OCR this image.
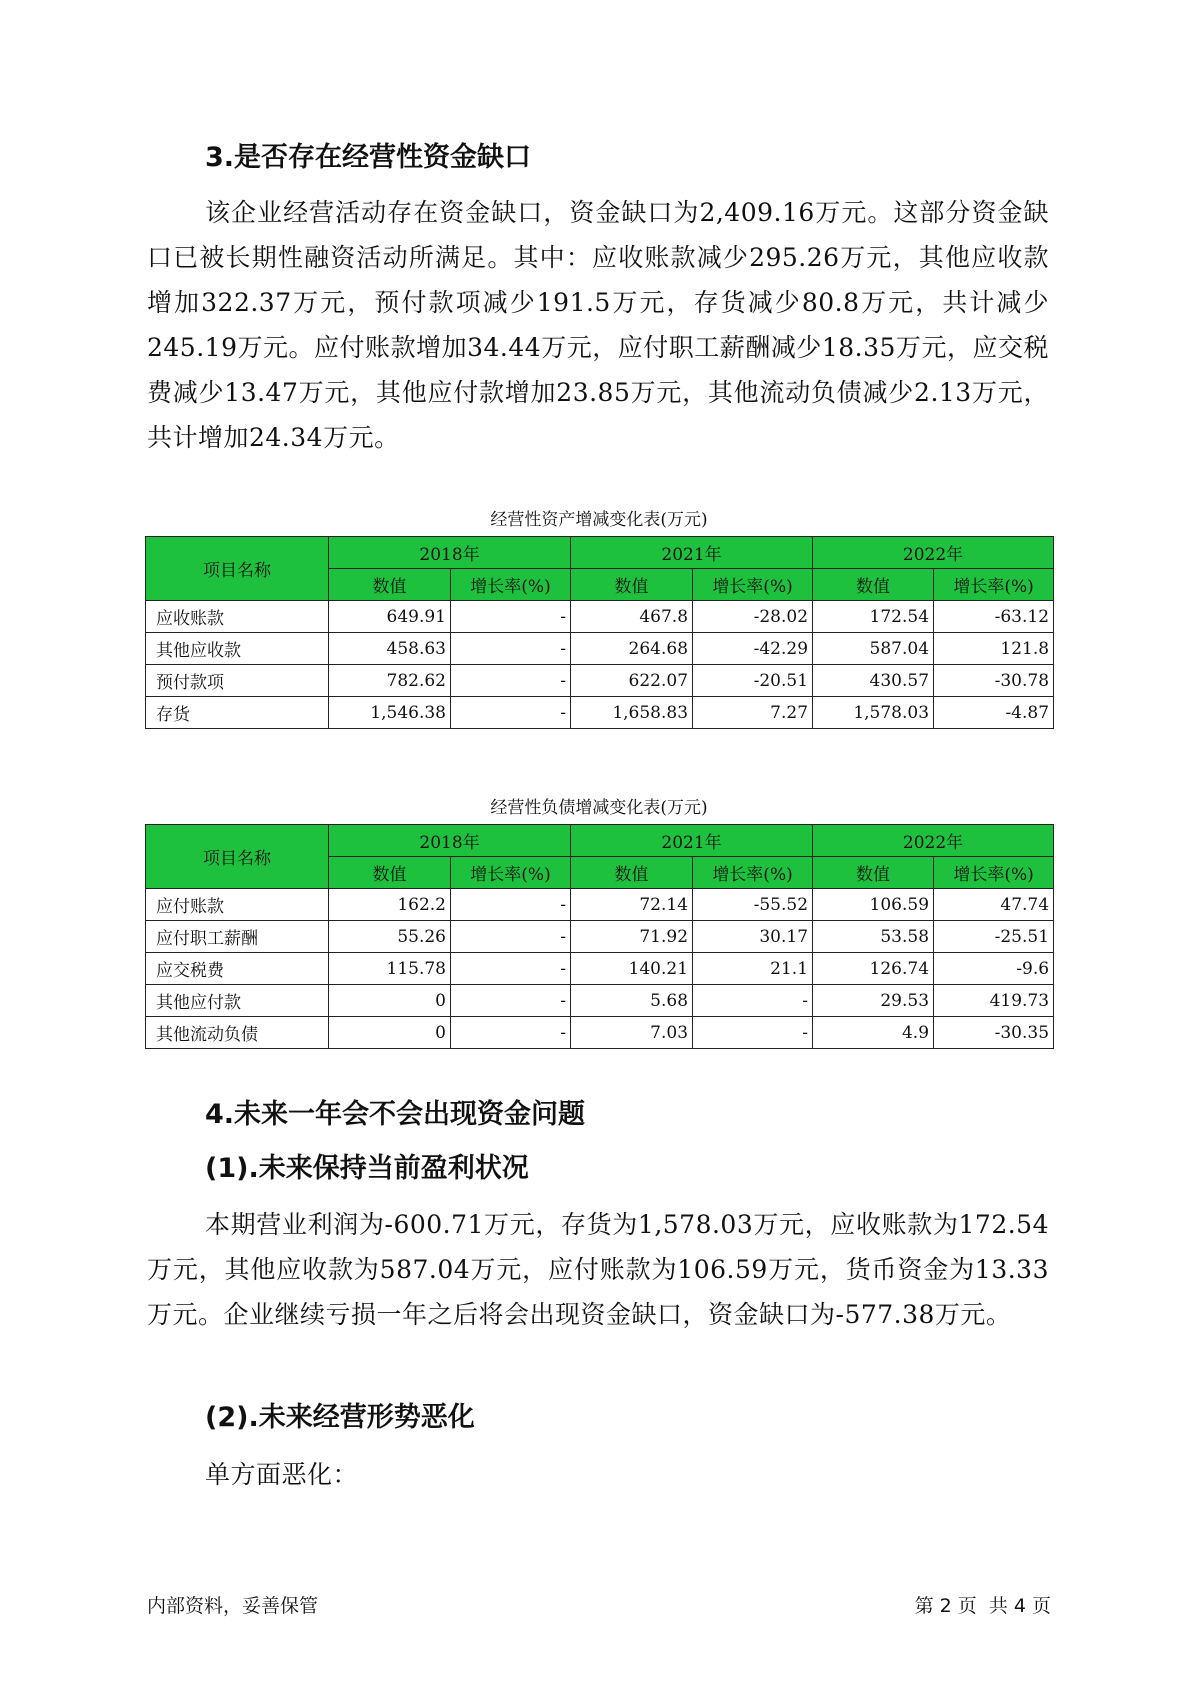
3.是否存在经营性资金缺口

该企业经营活动存在资金缺口，资金缺口为2,409.16万元。这部分资金缺口已被长期性融资活动所满足。其中：应收账款减少295.26万元，其他应收款增加322.37万元，预付款项减少191.5万元，存货减少80.8万元，共计减少245.19万元。应付账款增加34.44万元，应付职工薪酬减少18.35万元，应交税费减少13.47万元，其他应付款增加23.85万元，其他流动负债减少2.13万元，共计增加24.34万元。

经营性资产增减变化表(万元)
项目名称	2018年		2021年		2022年	
	数值	增长率(%)	数值	增长率(%)	数值	增长率(%)
应收账款	649.91	-	467.8	-28.02	172.54	-63.12
其他应收款	458.63	-	264.68	-42.29	587.04	121.8
预付款项	782.62	-	622.07	-20.51	430.57	-30.78
存货	1,546.38	-	1,658.83	7.27	1,578.03	-4.87
经营性负债增减变化表(万元)
项目名称	2018年		2021年		2022年	
	数值	增长率(%)	数值	增长率(%)	数值	增长率(%)
应付账款	162.2	-	72.14	-55.52	106.59	47.74
应付职工薪酬	55.26	-	71.92	30.17	53.58	-25.51
应交税费	115.78	-	140.21	21.1	126.74	-9.6
其他应付款	0	-	5.68	-	29.53	419.73
其他流动负债	0	-	7.03	-	4.9	-30.35
4.未来一年会不会出现资金问题
(1).未来保持当前盈利状况

本期营业利润为-600.71万元，存货为1,578.03万元，应收账款为172.54万元，其他应收款为587.04万元，应付账款为106.59万元，货币资金为13.33万元。企业继续亏损一年之后将会出现资金缺口，资金缺口为-577.38万元。

(2).未来经营形势恶化

单方面恶化：

内部资料，妥善保管	第 2 页  共 4 页
